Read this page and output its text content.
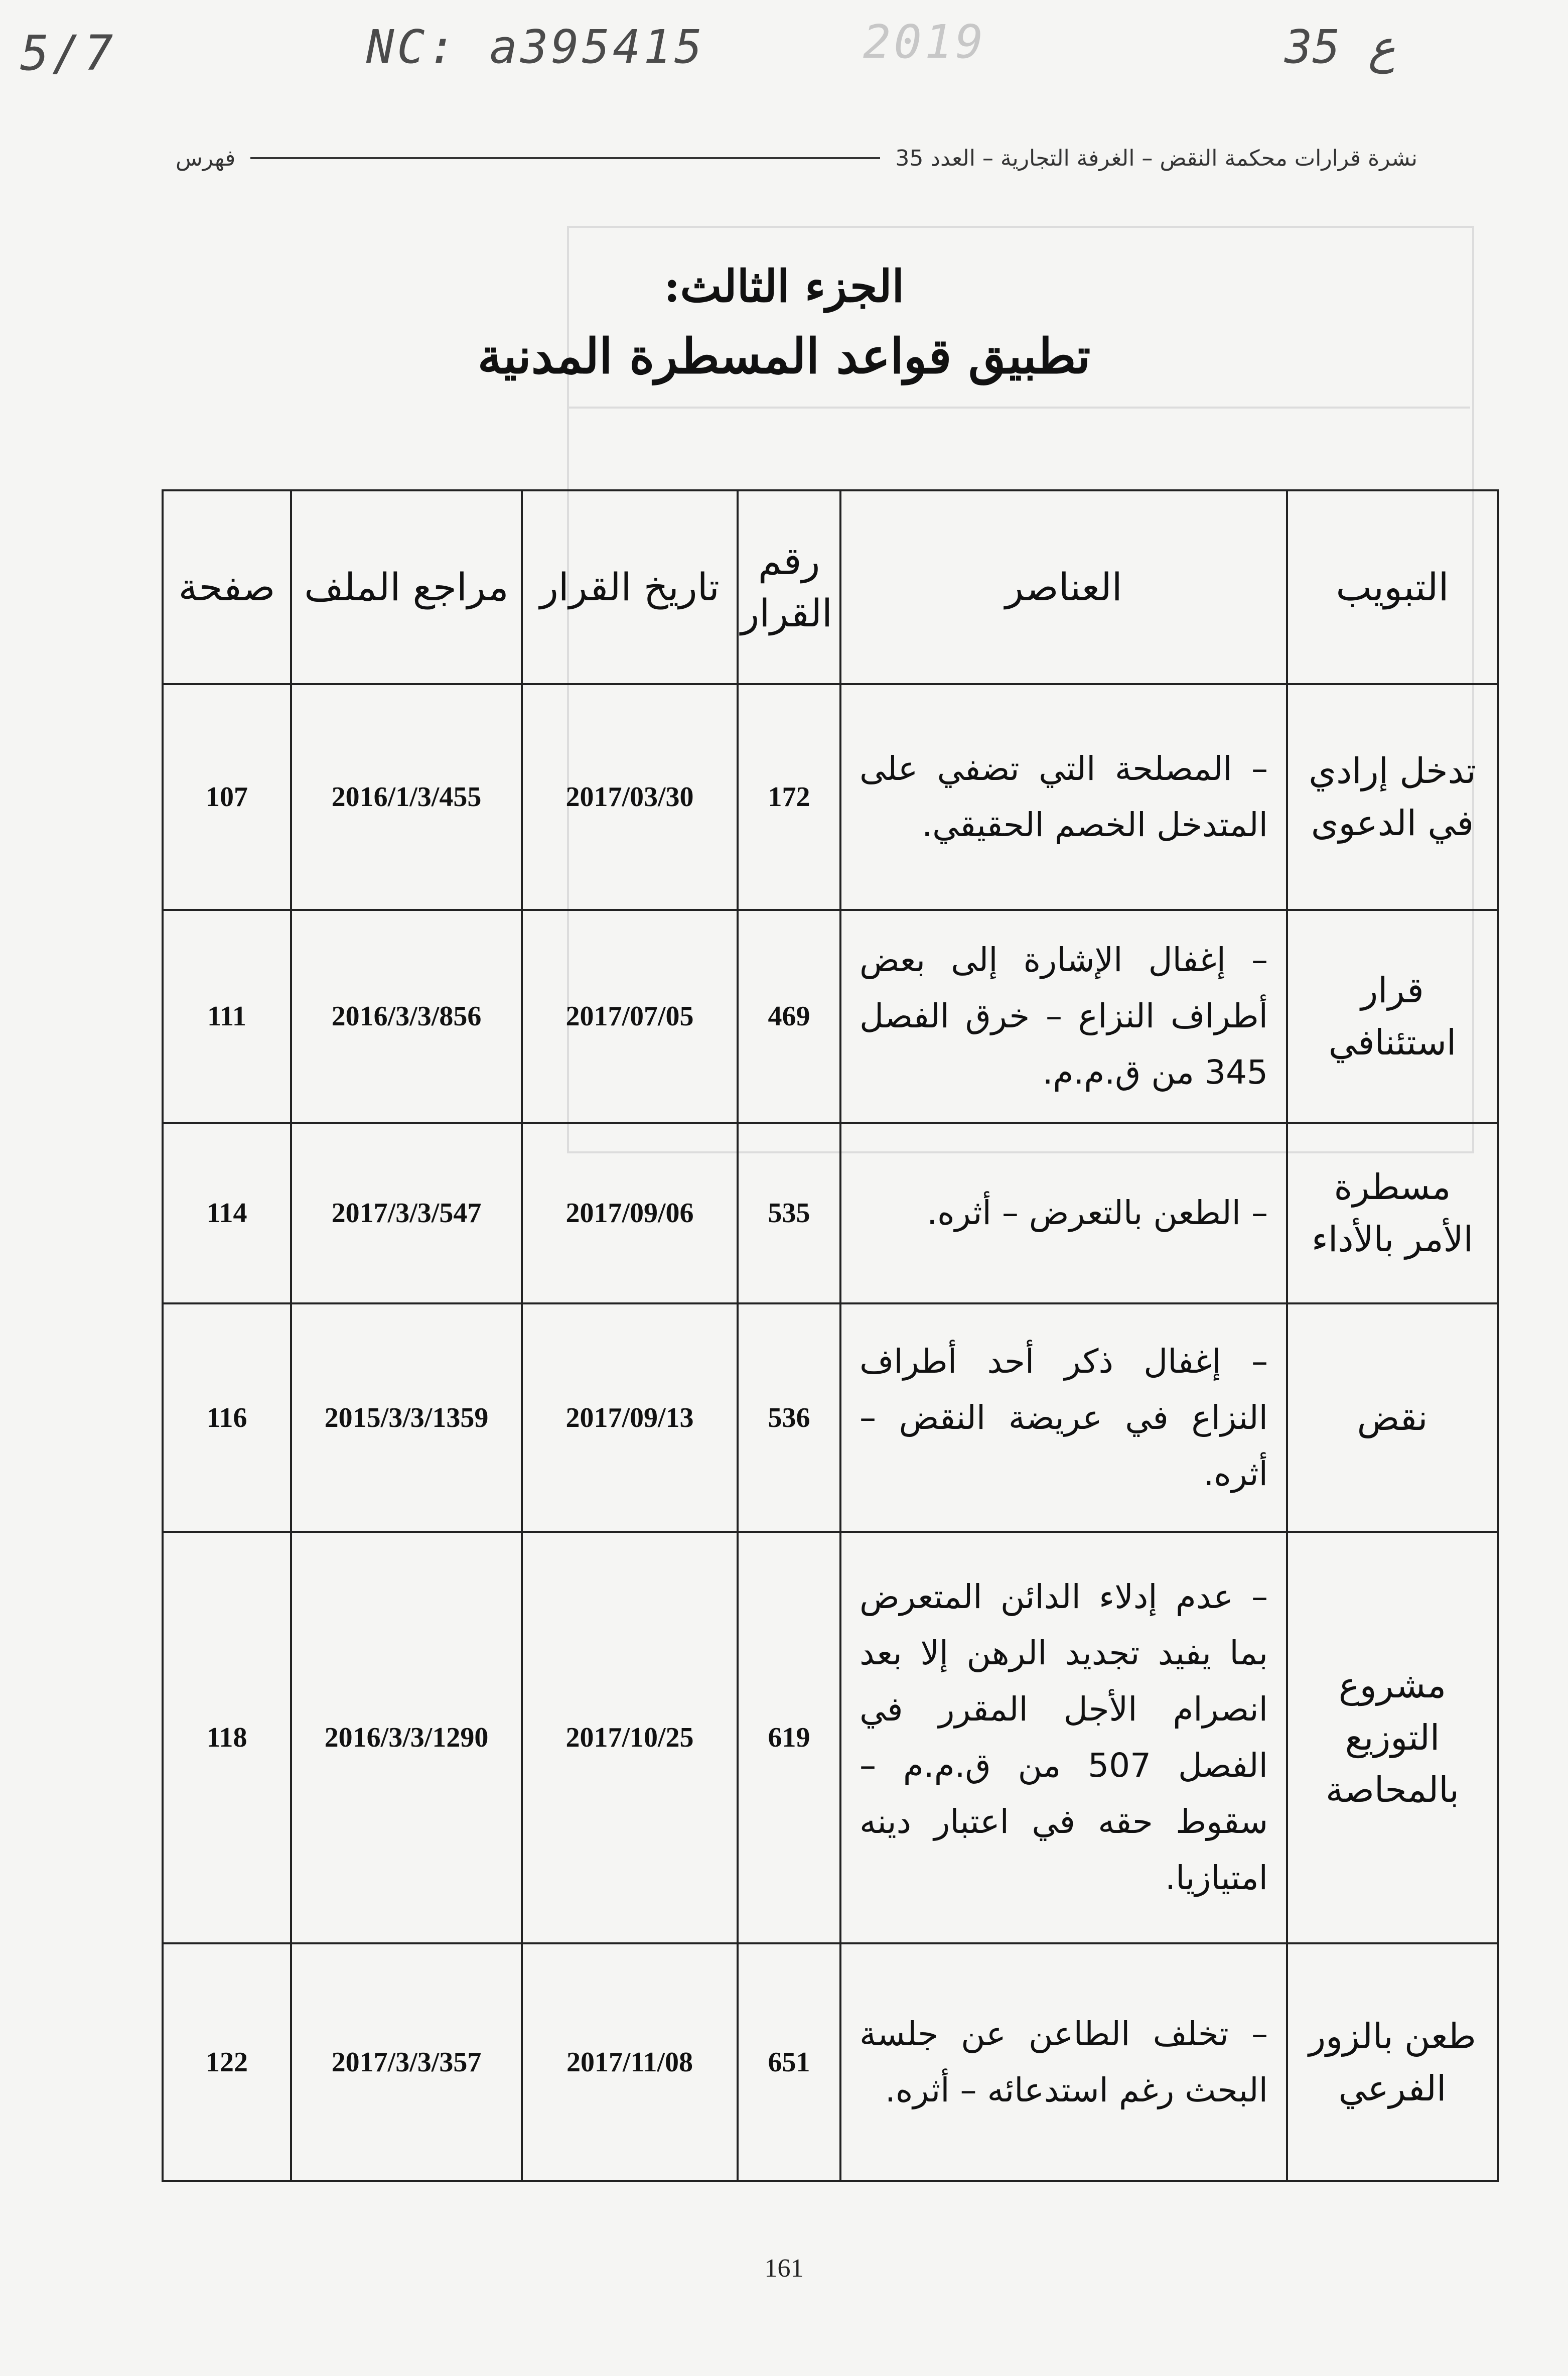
5/7	NC: a395415	2019	ع 35
نشرة قرارات محكمة النقض – الغرفة التجارية – العدد 35
فهرس
الجزء الثالث:
تطبيق قواعد المسطرة المدنية
التبويب	العناصر	رقم القرار	تاريخ القرار	مراجع الملف	صفحة
تدخل إرادي في الدعوى	– المصلحة التي تضفي على المتدخل الخصم الحقيقي.	172	2017/03/30	2016/1/3/455	107
قرار استئنافي	– إغفال الإشارة إلى بعض أطراف النزاع – خرق الفصل 345 من ق.م.م.	469	2017/07/05	2016/3/3/856	111
مسطرة الأمر بالأداء	– الطعن بالتعرض – أثره.	535	2017/09/06	2017/3/3/547	114
نقض	– إغفال ذكر أحد أطراف النزاع في عريضة النقض – أثره.	536	2017/09/13	2015/3/3/1359	116
مشروع التوزيع بالمحاصة	– عدم إدلاء الدائن المتعرض بما يفيد تجديد الرهن إلا بعد انصرام الأجل المقرر في الفصل 507 من ق.م.م – سقوط حقه في اعتبار دينه امتيازيا.	619	2017/10/25	2016/3/3/1290	118
طعن بالزور الفرعي	– تخلف الطاعن عن جلسة البحث رغم استدعائه – أثره.	651	2017/11/08	2017/3/3/357	122
161
